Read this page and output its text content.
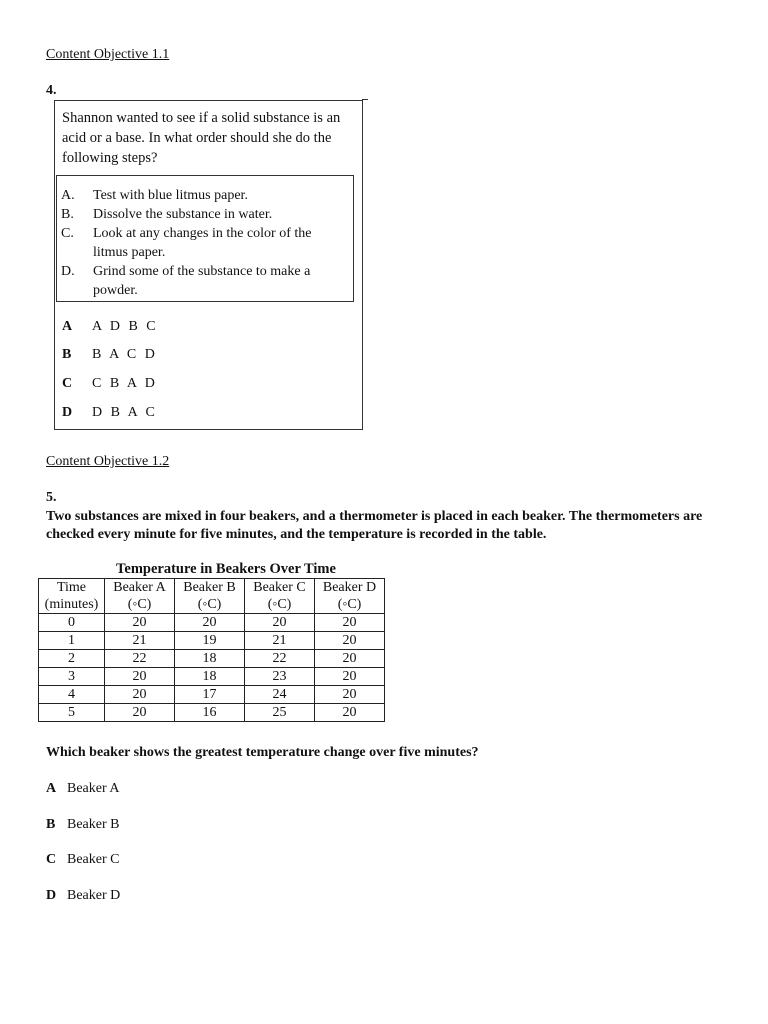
Content Objective 1.1
4.
Shannon wanted to see if a solid substance is an acid or a base. In what order should she do the following steps?
A. Test with blue litmus paper.
B. Dissolve the substance in water.
C. Look at any changes in the color of the litmus paper.
D. Grind some of the substance to make a powder.
A A D B C
B B A C D
C C B A D
D D B A C
Content Objective 1.2
5.
Two substances are mixed in four beakers, and a thermometer is placed in each beaker. The thermometers are checked every minute for five minutes, and the temperature is recorded in the table.
Temperature in Beakers Over Time
Time	Beaker A	Beaker B	Beaker C	Beaker D
(minutes)	(◦C)	(◦C)	(◦C)	(◦C)
0	20	20	20	20
1	21	19	21	20
2	22	18	22	20
3	20	18	23	20
4	20	17	24	20
5	20	16	25	20
Which beaker shows the greatest temperature change over five minutes?
A Beaker A
B Beaker B
C Beaker C
D Beaker D
